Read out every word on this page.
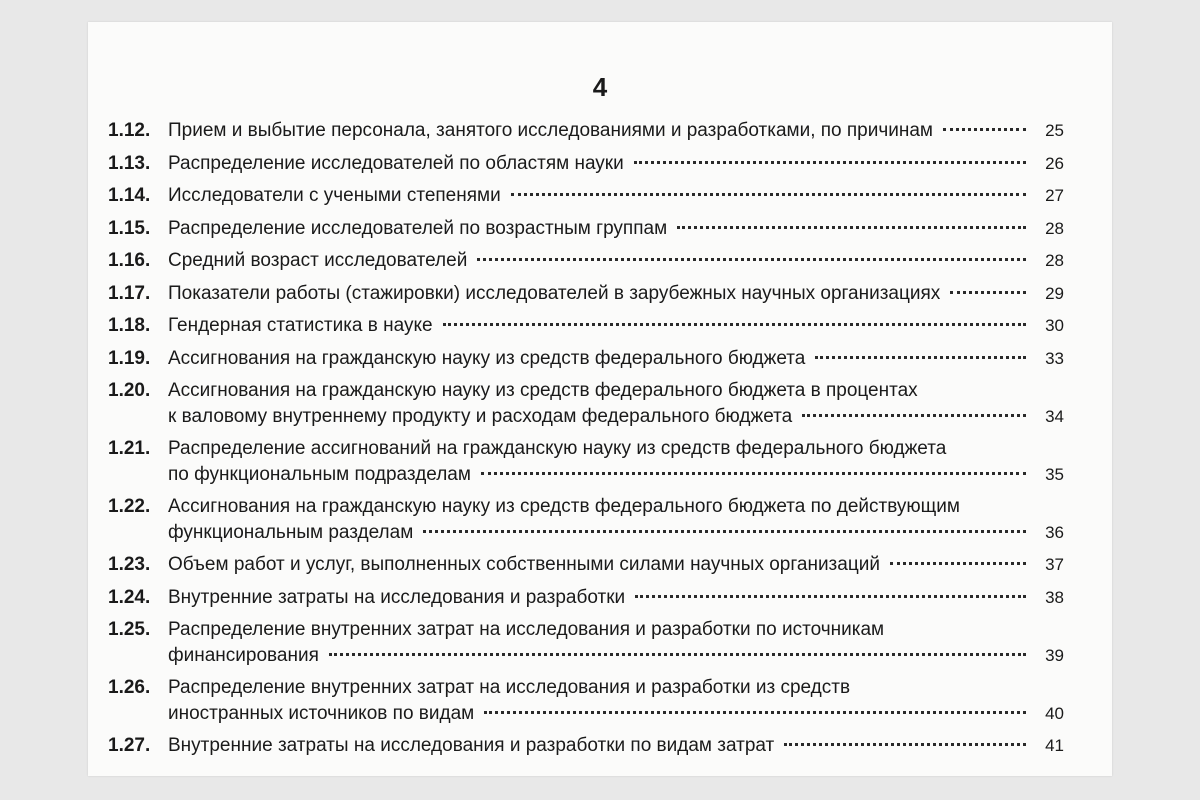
4
1.12. Прием и выбытие персонала, занятого исследованиями и разработками, по причинам	25
1.13. Распределение исследователей по областям науки	26
1.14. Исследователи с учеными степенями	27
1.15. Распределение исследователей по возрастным группам	28
1.16. Средний возраст исследователей	28
1.17. Показатели работы (стажировки) исследователей в зарубежных научных организациях	29
1.18. Гендерная статистика в науке	30
1.19. Ассигнования на гражданскую науку из средств федерального бюджета	33
1.20. Ассигнования на гражданскую науку из средств федерального бюджета в процентах
к валовому внутреннему продукту и расходам федерального бюджета	34
1.21. Распределение ассигнований на гражданскую науку из средств федерального бюджета
по функциональным подразделам	35
1.22. Ассигнования на гражданскую науку из средств федерального бюджета по действующим
функциональным разделам	36
1.23. Объем работ и услуг, выполненных собственными силами научных организаций	37
1.24. Внутренние затраты на исследования и разработки	38
1.25. Распределение внутренних затрат на исследования и разработки по источникам
финансирования	39
1.26. Распределение внутренних затрат на исследования и разработки из средств
иностранных источников по видам	40
1.27. Внутренние затраты на исследования и разработки по видам затрат	41
